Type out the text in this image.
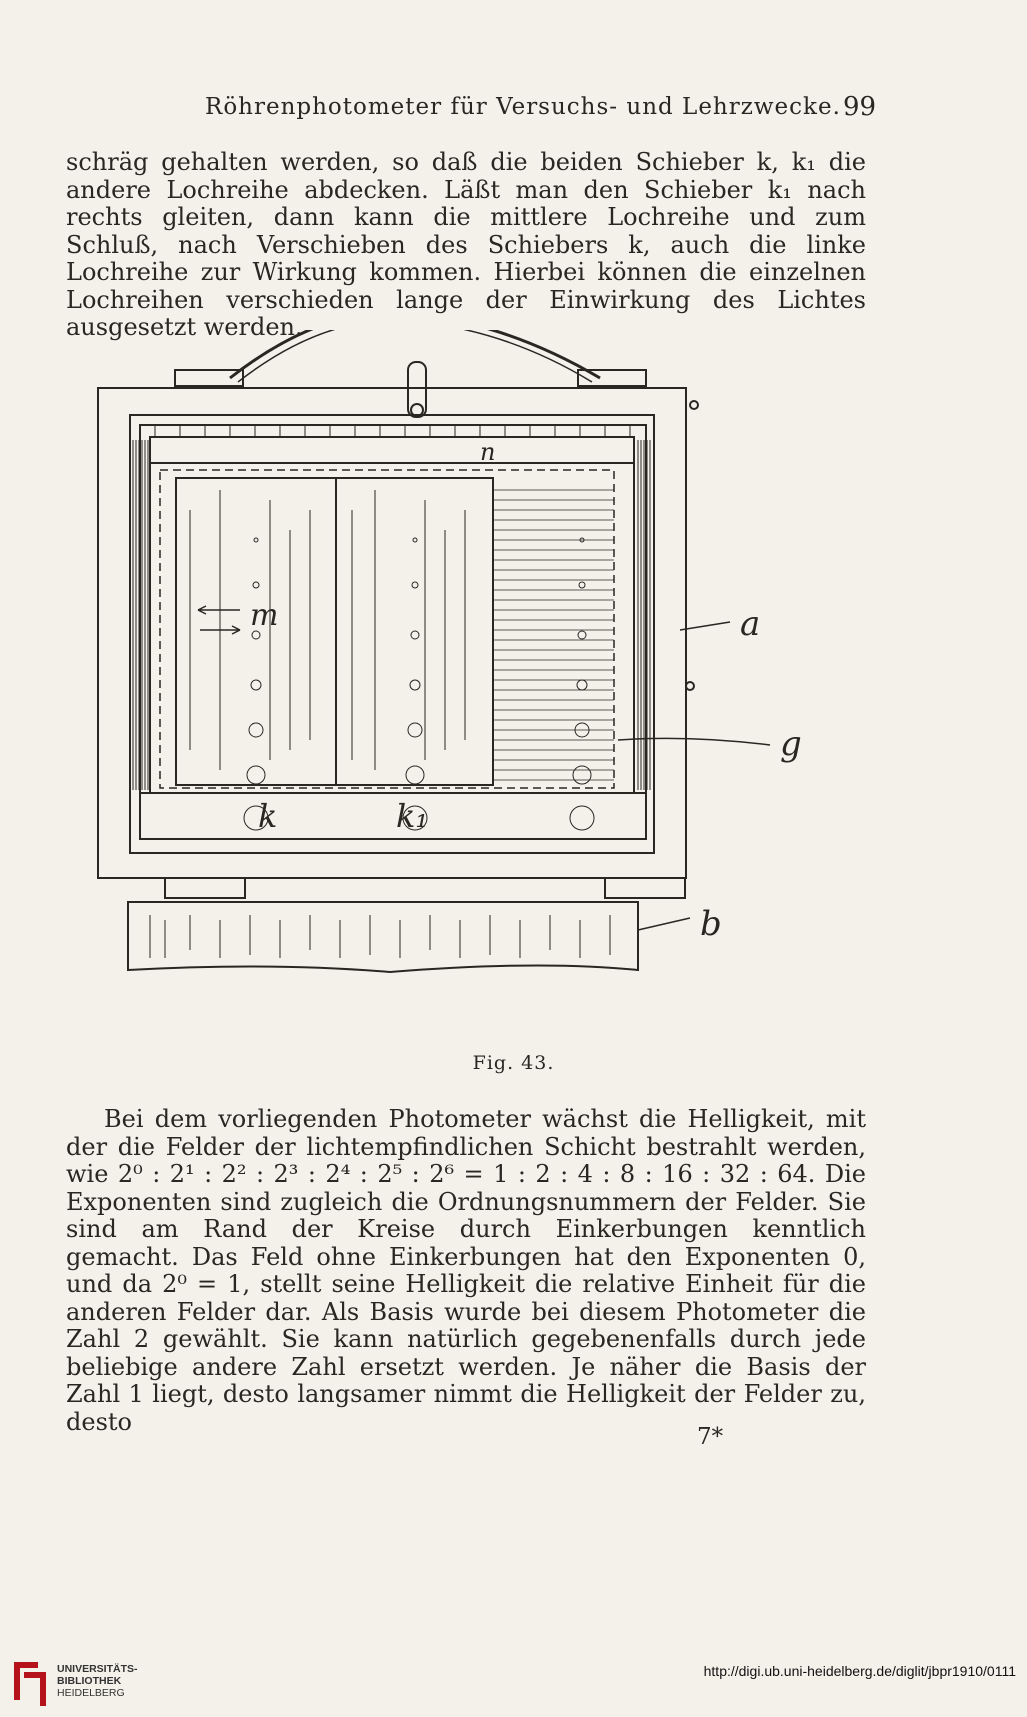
Röhrenphotometer für Versuchs- und Lehrzwecke. 99

schräg gehalten werden, so daß die beiden Schieber k, k₁ die andere Lochreihe abdecken. Läßt man den Schieber k₁ nach rechts gleiten, dann kann die mittlere Lochreihe und zum Schluß, nach Verschieben des Schiebers k, auch die linke Lochreihe zur Wirkung kommen. Hierbei können die einzelnen Lochreihen verschieden lange der Einwirkung des Lichtes ausgesetzt werden.

n
m
k	k₁
a
g
b
Fig. 43.

Bei dem vorliegenden Photometer wächst die Helligkeit, mit der die Felder der lichtempfindlichen Schicht bestrahlt werden, wie 2⁰ : 2¹ : 2² : 2³ : 2⁴ : 2⁵ : 2⁶ = 1 : 2 : 4 : 8 : 16 : 32 : 64. Die Exponenten sind zugleich die Ordnungsnummern der Felder. Sie sind am Rand der Kreise durch Einkerbungen kenntlich gemacht. Das Feld ohne Einkerbungen hat den Exponenten 0, und da 2⁰ = 1, stellt seine Helligkeit die relative Einheit für die anderen Felder dar. Als Basis wurde bei diesem Photometer die Zahl 2 gewählt. Sie kann natürlich gegebenenfalls durch jede beliebige andere Zahl ersetzt werden. Je näher die Basis der Zahl 1 liegt, desto langsamer nimmt die Helligkeit der Felder zu, desto

7*
UNIVERSITÄTS-
BIBLIOTHEK
HEIDELBERG
http://digi.ub.uni-heidelberg.de/diglit/jbpr1910/0111
